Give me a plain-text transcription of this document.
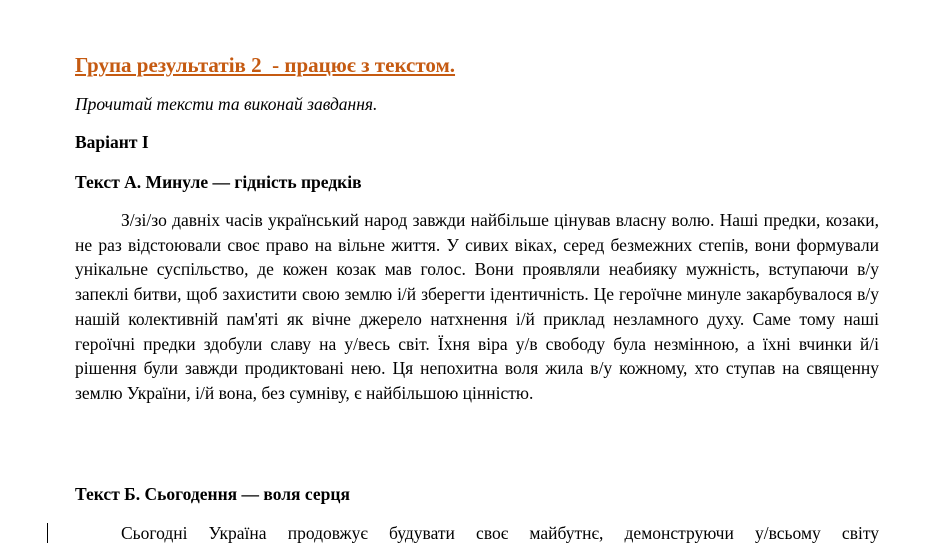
Група результатів 2  - працює з текстом.

Прочитай тексти та виконай завдання.

Варіант І

Текст А. Минуле — гідність предків

З/зі/зо давніх часів український народ завжди найбільше цінував власну волю. Наші предки, козаки, не раз відстоювали своє право на вільне життя. У сивих віках, серед безмежних степів, вони формували унікальне суспільство, де кожен козак мав голос. Вони проявляли неабияку мужність, вступаючи в/у запеклі битви, щоб захистити свою землю і/й зберегти ідентичність. Це героїчне минуле закарбувалося в/у нашій колективній пам'яті як вічне джерело натхнення і/й приклад незламного духу. Саме тому наші героїчні предки здобули славу на у/весь світ. Їхня віра у/в свободу була незмінною, а їхні вчинки й/і рішення були завжди продиктовані нею. Ця непохитна воля жила в/у кожному, хто ступав на священну землю України, і/й вона, без сумніву, є найбільшою цінністю.

Текст Б. Сьогодення — воля серця

Сьогодні Україна продовжує будувати своє майбутнє, демонструючи у/всьому світу
